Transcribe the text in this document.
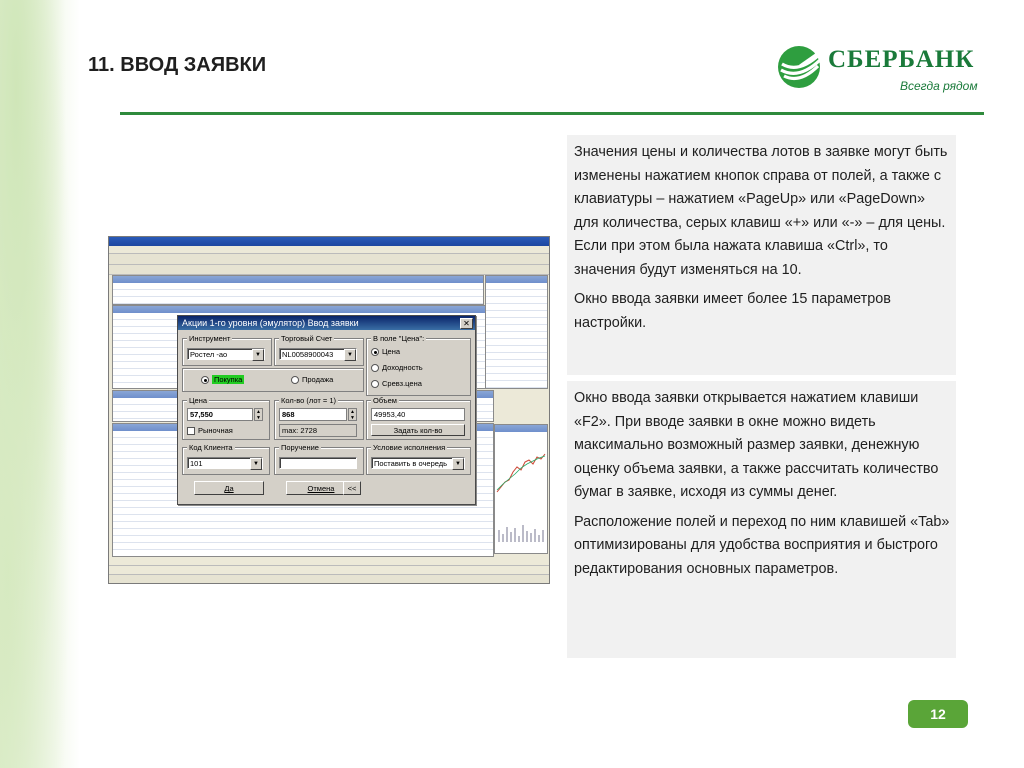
11. ВВОД ЗАЯВКИ	СБЕРБАНК
Всегда рядом
Акции 1-го уровня (эмулятор) Ввод заявки	✕
Инструмент
Ростел -ао	▼
Торговый Счет
NL0058900043	▼
В поле "Цена":
Цена
Доходность
Сревз.цена
Покупка	Продажа
Цена
57,550	▲
▼
Рыночная
Кол-во (лот = 1)
868	▲
▼
max: 2728
Объем
49953,40
Задать кол-во
Код Клиента
101	▼
Поручение	Условие исполнения
Поставить в очередь	▼
Да	Отмена	<<

Значения цены и количества лотов в заявке могут быть изменены нажатием кнопок справа от полей, а также с клавиатуры – нажатием «PageUp» или «PageDown» для количества, серых клавиш «+» или «-» – для цены. Если при этом была нажата клавиша «Ctrl», то значения будут изменяться на 10.

Окно ввода заявки имеет более 15 параметров настройки.

Окно ввода заявки открывается нажатием клавиши «F2». При вводе заявки в окне можно видеть максимально возможный размер заявки, денежную оценку объема заявки, а также рассчитать количество бумаг в заявке, исходя из суммы денег.

Расположение полей и переход по ним клавишей «Tab» оптимизированы для удобства восприятия и быстрого редактирования основных параметров.

12
